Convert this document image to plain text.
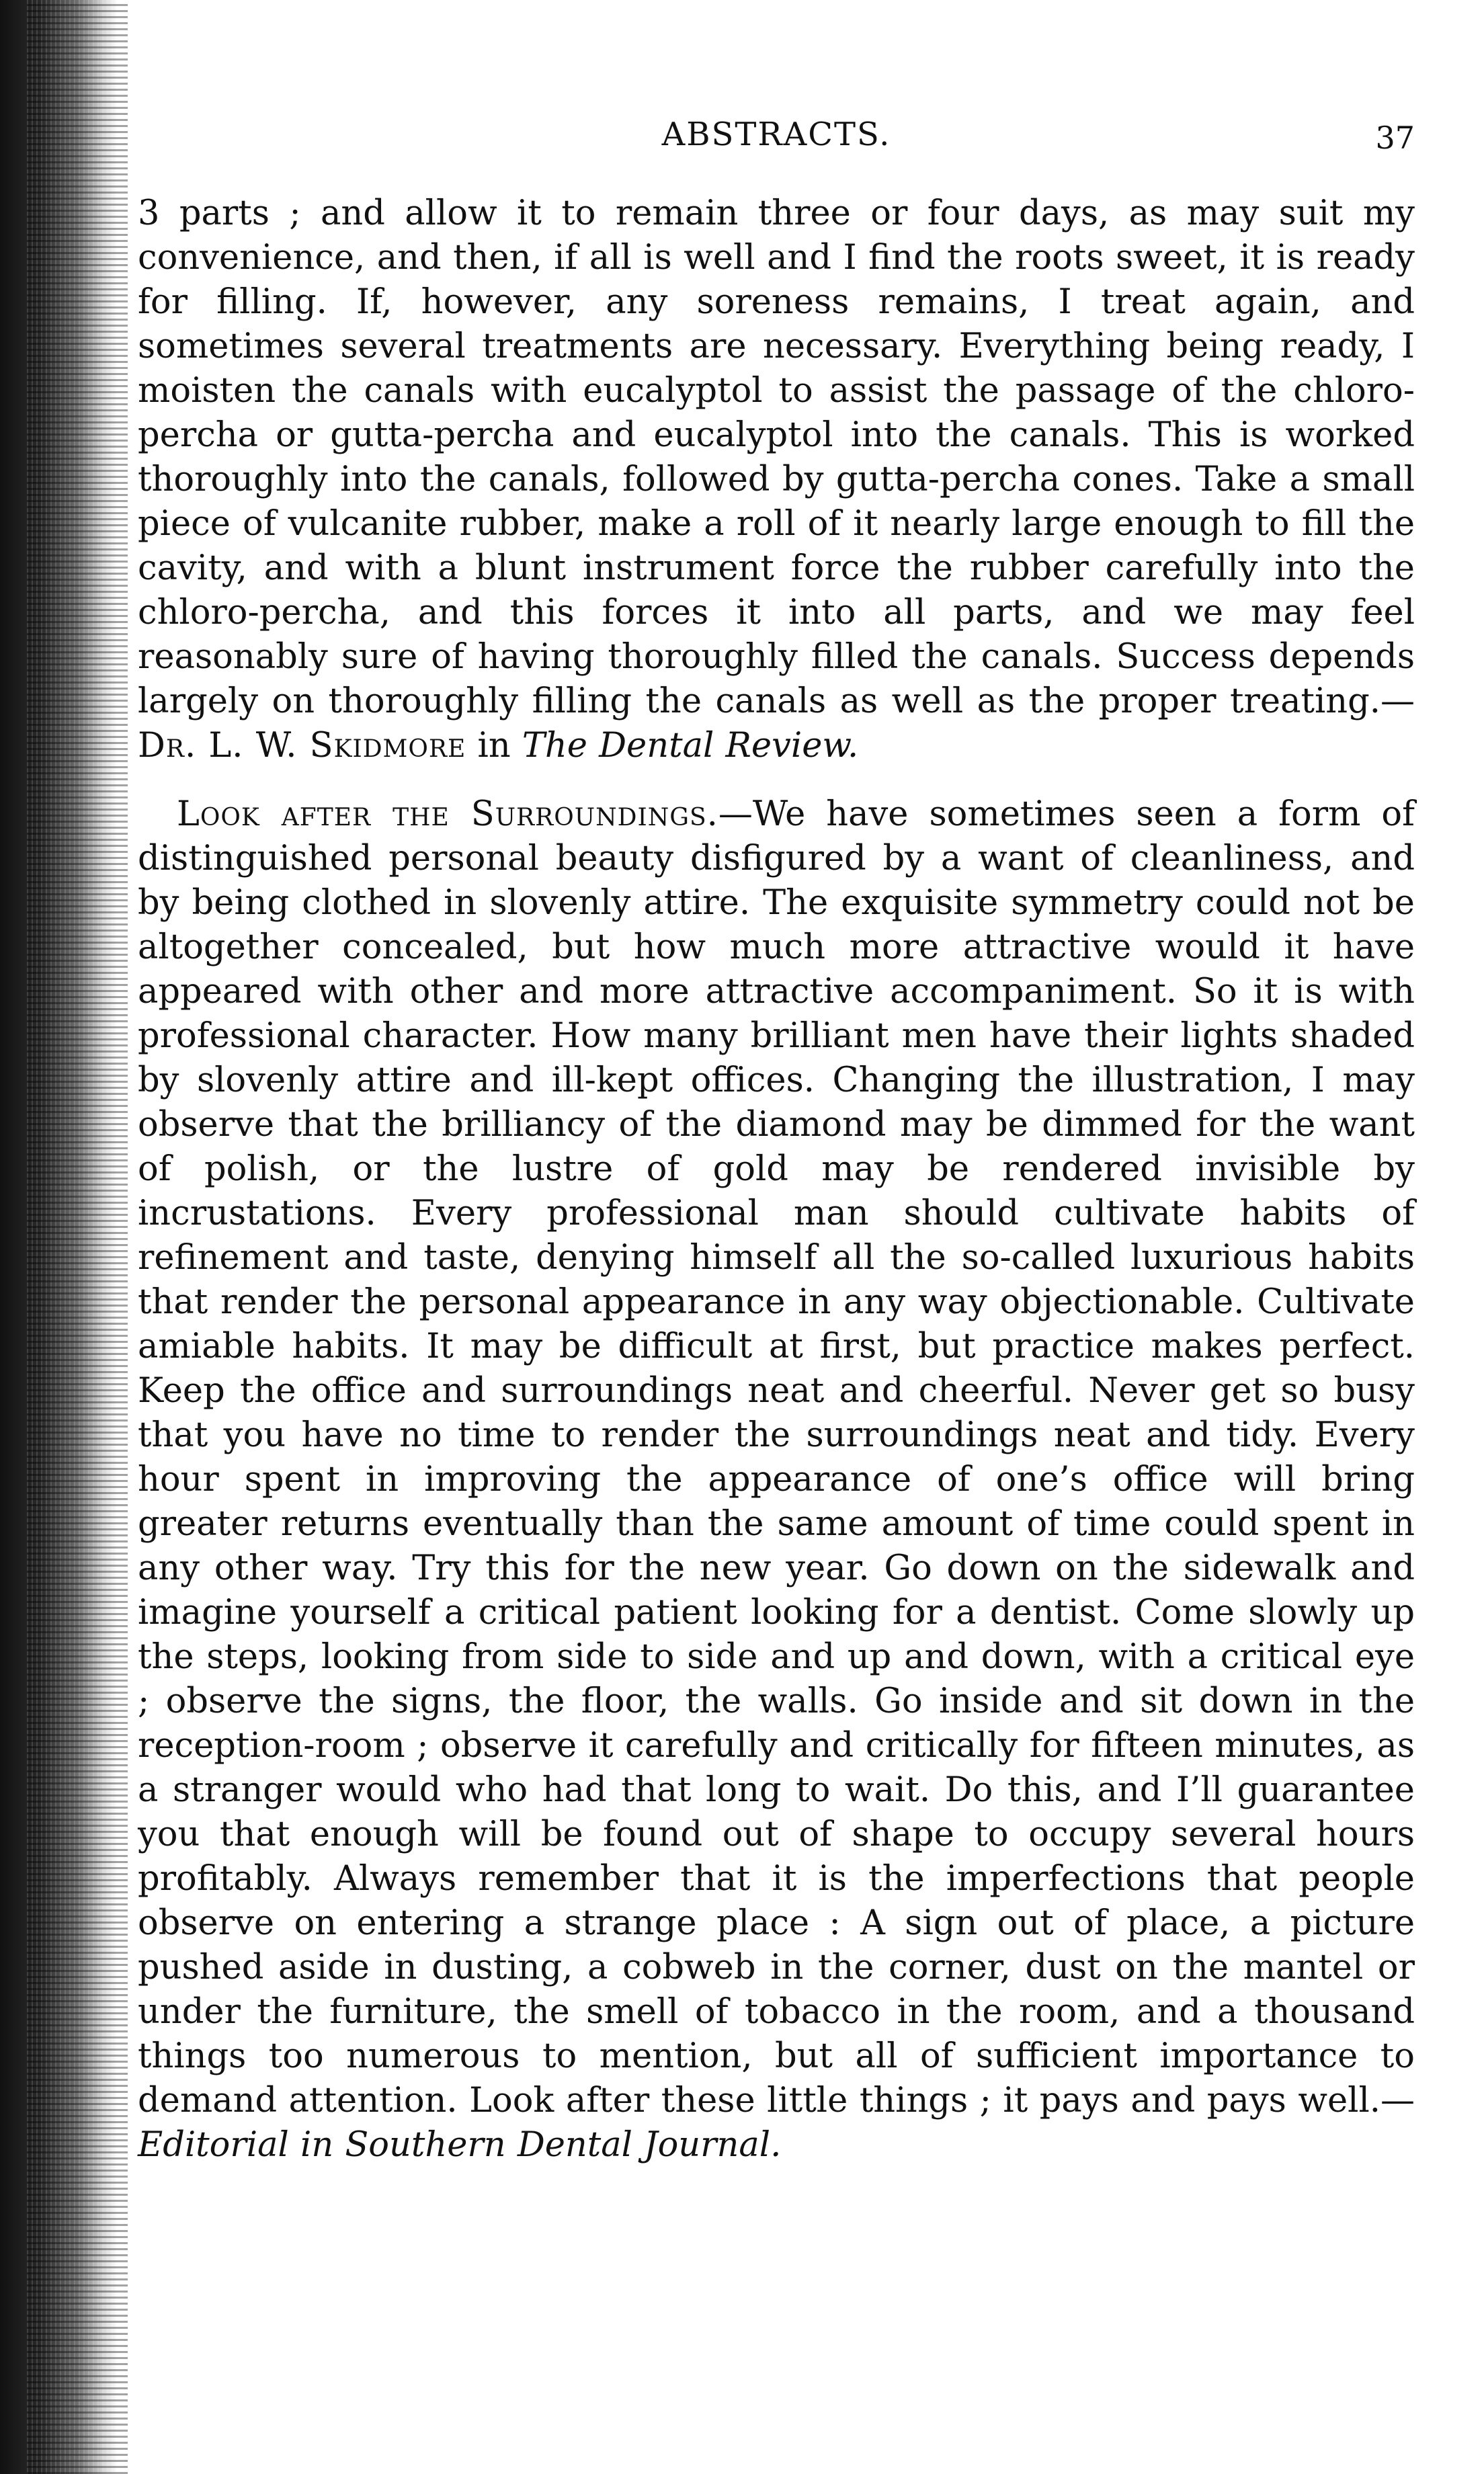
ABSTRACTS.	37

3 parts ; and allow it to remain three or four days, as may suit my convenience, and then, if all is well and I find the roots sweet, it is ready for filling. If, however, any soreness remains, I treat again, and sometimes several treatments are necessary. Everything being ready, I moisten the canals with eucalyptol to assist the passage of the chloro-percha or gutta-percha and eucalyptol into the canals. This is worked thoroughly into the canals, followed by gutta-percha cones. Take a small piece of vulcanite rubber, make a roll of it nearly large enough to fill the cavity, and with a blunt instrument force the rubber carefully into the chloro-percha, and this forces it into all parts, and we may feel reasonably sure of having thoroughly filled the canals. Success depends largely on thoroughly filling the canals as well as the proper treating.—Dr. L. W. Skidmore in The Dental Review.

Look after the Surroundings.—We have sometimes seen a form of distinguished personal beauty disfigured by a want of cleanliness, and by being clothed in slovenly attire. The exquisite symmetry could not be altogether concealed, but how much more attractive would it have appeared with other and more attractive accompaniment. So it is with professional character. How many brilliant men have their lights shaded by slovenly attire and ill-kept offices. Changing the illustration, I may observe that the brilliancy of the diamond may be dimmed for the want of polish, or the lustre of gold may be rendered invisible by incrustations. Every professional man should cultivate habits of refinement and taste, denying himself all the so-called luxurious habits that render the personal appearance in any way objectionable. Cultivate amiable habits. It may be difficult at first, but practice makes perfect. Keep the office and surroundings neat and cheerful. Never get so busy that you have no time to render the surroundings neat and tidy. Every hour spent in improving the appearance of one’s office will bring greater returns eventually than the same amount of time could spent in any other way. Try this for the new year. Go down on the sidewalk and imagine yourself a critical patient looking for a dentist. Come slowly up the steps, looking from side to side and up and down, with a critical eye ; observe the signs, the floor, the walls. Go inside and sit down in the reception-room ; observe it carefully and critically for fifteen minutes, as a stranger would who had that long to wait. Do this, and I’ll guarantee you that enough will be found out of shape to occupy several hours profitably. Always remember that it is the imperfections that people observe on entering a strange place : A sign out of place, a picture pushed aside in dusting, a cobweb in the corner, dust on the mantel or under the furniture, the smell of tobacco in the room, and a thousand things too numerous to mention, but all of sufficient importance to demand attention. Look after these little things ; it pays and pays well.—Editorial in Southern Dental Journal.
